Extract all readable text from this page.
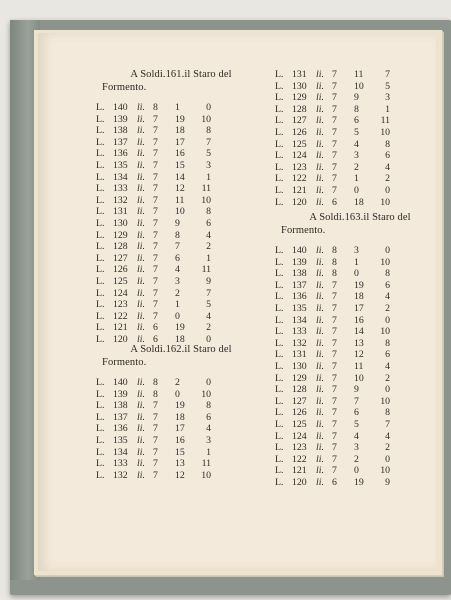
A Soldi.161.il Staro del
Formento.
L. 140 li. 8 1	0
L. 139 li. 7 19	10
L. 138 li. 7 18	8
L. 137 li. 7 17	7
L. 136 li. 7 16	5
L. 135 li. 7 15	3
L. 134 li. 7 14	1
L. 133 li. 7 12	11
L. 132 li. 7 11	10
L. 131 li. 7 10	8
L. 130 li. 7 9	6
L. 129 li. 7 8	4
L. 128 li. 7 7	2
L. 127 li. 7 6	1
L. 126 li. 7 4	11
L. 125 li. 7 3	9
L. 124 li. 7 2	7
L. 123 li. 7 1	5
L. 122 li. 7 0	4
L. 121 li. 6 19	2
L. 120 li. 6 18	0
A Soldi.162.il Staro del
Formento.
L. 140 li. 8 2	0
L. 139 li. 8 0	10
L. 138 li. 7 19	8
L. 137 li. 7 18	6
L. 136 li. 7 17	4
L. 135 li. 7 16	3
L. 134 li. 7 15	1
L. 133 li. 7 13	11
L. 132 li. 7 12	10
L. 131 li. 7 11	7
L. 130 li. 7 10	5
L. 129 li. 7 9	3
L. 128 li. 7 8	1
L. 127 li. 7 6	11
L. 126 li. 7 5	10
L. 125 li. 7 4	8
L. 124 li. 7 3	6
L. 123 li. 7 2	4
L. 122 li. 7 1	2
L. 121 li. 7 0	0
L. 120 li. 6 18	10
A Soldi.163.il Staro del
Formento.
L. 140 li. 8 3	0
L. 139 li. 8 1	10
L. 138 li. 8 0	8
L. 137 li. 7 19	6
L. 136 li. 7 18	4
L. 135 li. 7 17	2
L. 134 li. 7 16	0
L. 133 li. 7 14	10
L. 132 li. 7 13	8
L. 131 li. 7 12	6
L. 130 li. 7 11	4
L. 129 li. 7 10	2
L. 128 li. 7 9	0
L. 127 li. 7 7	10
L. 126 li. 7 6	8
L. 125 li. 7 5	7
L. 124 li. 7 4	4
L. 123 li. 7 3	2
L. 122 li. 7 2	0
L. 121 li. 7 0	10
L. 120 li. 6 19	9
